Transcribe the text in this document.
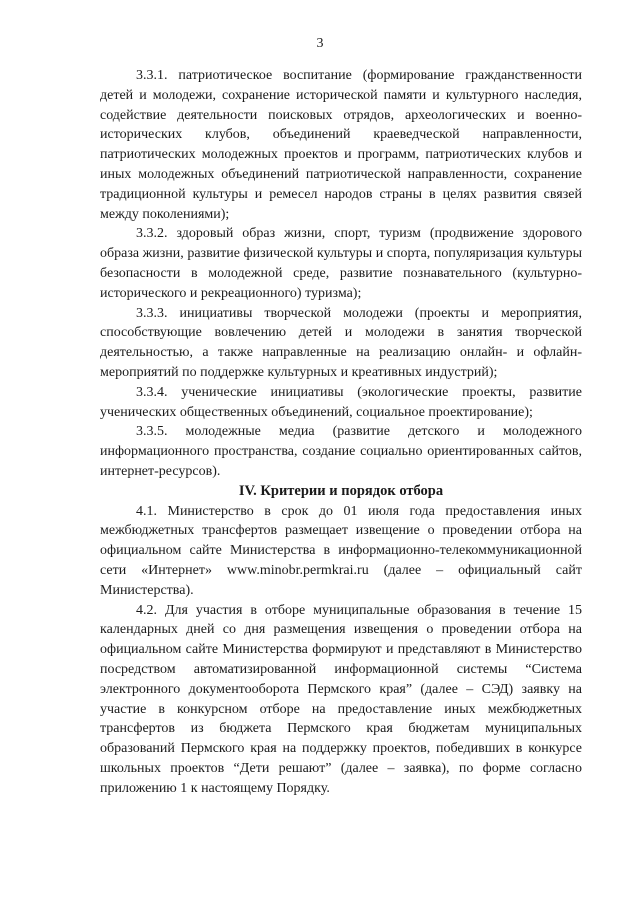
3

3.3.1. патриотическое воспитание (формирование гражданственности детей и молодежи, сохранение исторической памяти и культурного наследия, содействие деятельности поисковых отрядов, археологических и военно-исторических клубов, объединений краеведческой направленности, патриотических молодежных проектов и программ, патриотических клубов и иных молодежных объединений патриотической направленности, сохранение традиционной культуры и ремесел народов страны в целях развития связей между поколениями);

3.3.2. здоровый образ жизни, спорт, туризм (продвижение здорового образа жизни, развитие физической культуры и спорта, популяризация культуры безопасности в молодежной среде, развитие познавательного (культурно-исторического и рекреационного) туризма);

3.3.3. инициативы творческой молодежи (проекты и мероприятия, способствующие вовлечению детей и молодежи в занятия творческой деятельностью, а также направленные на реализацию онлайн- и офлайн-мероприятий по поддержке культурных и креативных индустрий);

3.3.4. ученические инициативы (экологические проекты, развитие ученических общественных объединений, социальное проектирование);

3.3.5. молодежные медиа (развитие детского и молодежного информационного пространства, создание социально ориентированных сайтов, интернет-ресурсов).

IV. Критерии и порядок отбора

4.1. Министерство в срок до 01 июля года предоставления иных межбюджетных трансфертов размещает извещение о проведении отбора на официальном сайте Министерства в информационно-телекоммуникационной сети «Интернет» www.minobr.permkrai.ru (далее – официальный сайт Министерства).

4.2. Для участия в отборе муниципальные образования в течение 15 календарных дней со дня размещения извещения о проведении отбора на официальном сайте Министерства формируют и представляют в Министерство посредством автоматизированной информационной системы “Система электронного документооборота Пермского края” (далее – СЭД) заявку на участие в конкурсном отборе на предоставление иных межбюджетных трансфертов из бюджета Пермского края бюджетам муниципальных образований Пермского края на поддержку проектов, победивших в конкурсе школьных проектов “Дети решают” (далее – заявка), по форме согласно приложению 1 к настоящему Порядку.
